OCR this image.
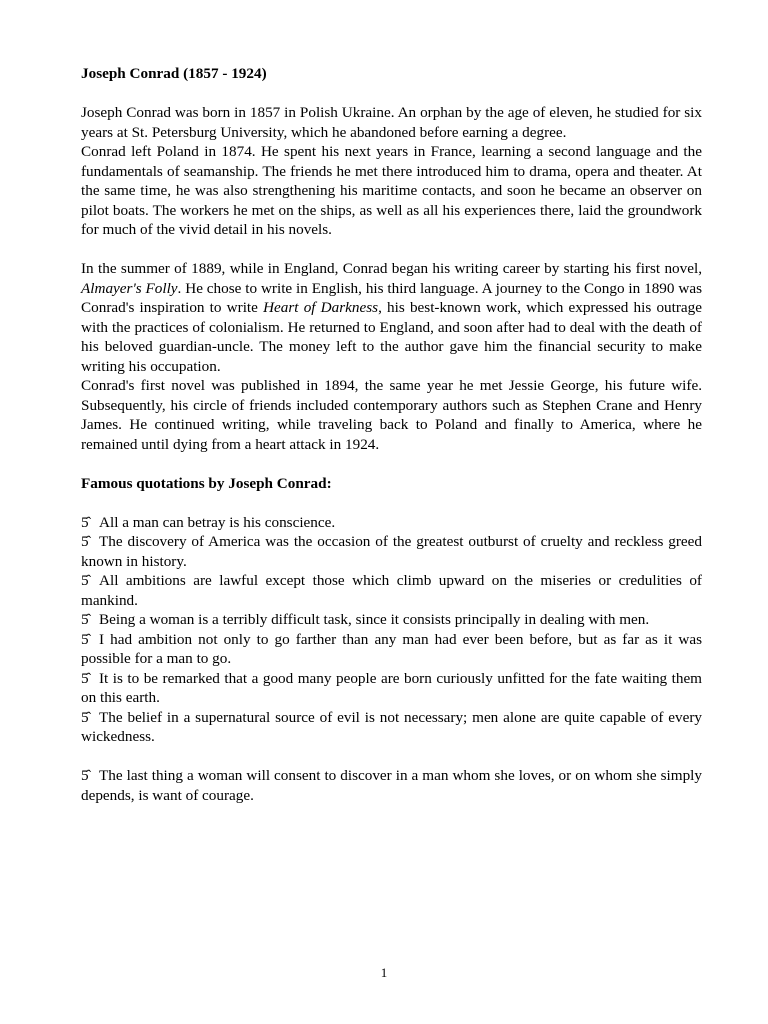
Joseph Conrad (1857 - 1924)

Joseph Conrad was born in 1857 in Polish Ukraine. An orphan by the age of eleven, he studied for six years at St. Petersburg University, which he abandoned before earning a degree.

Conrad left Poland in 1874. He spent his next years in France, learning a second language and the fundamentals of seamanship. The friends he met there introduced him to drama, opera and theater. At the same time, he was also strengthening his maritime contacts, and soon he became an observer on pilot boats. The workers he met on the ships, as well as all his experiences there, laid the groundwork for much of the vivid detail in his novels.

In the summer of 1889, while in England, Conrad began his writing career by starting his first novel, Almayer's Folly. He chose to write in English, his third language. A journey to the Congo in 1890 was Conrad's inspiration to write Heart of Darkness, his best-known work, which expressed his outrage with the practices of colonialism. He returned to England, and soon after had to deal with the death of his beloved guardian-uncle. The money left to the author gave him the financial security to make writing his occupation.

Conrad's first novel was published in 1894, the same year he met Jessie George, his future wife. Subsequently, his circle of friends included contemporary authors such as Stephen Crane and Henry James. He continued writing, while traveling back to Poland and finally to America, where he remained until dying from a heart attack in 1924.

Famous quotations by Joseph Conrad:

5̂ All a man can betray is his conscience.

5̂ The discovery of America was the occasion of the greatest outburst of cruelty and reckless greed known in history.

5̂ All ambitions are lawful except those which climb upward on the miseries or credulities of mankind.

5̂ Being a woman is a terribly difficult task, since it consists principally in dealing with men.

5̂ I had ambition not only to go farther than any man had ever been before, but as far as it was possible for a man to go.

5̂ It is to be remarked that a good many people are born curiously unfitted for the fate waiting them on this earth.

5̂ The belief in a supernatural source of evil is not necessary; men alone are quite capable of every wickedness.

5̂ The last thing a woman will consent to discover in a man whom she loves, or on whom she simply depends, is want of courage.

1
